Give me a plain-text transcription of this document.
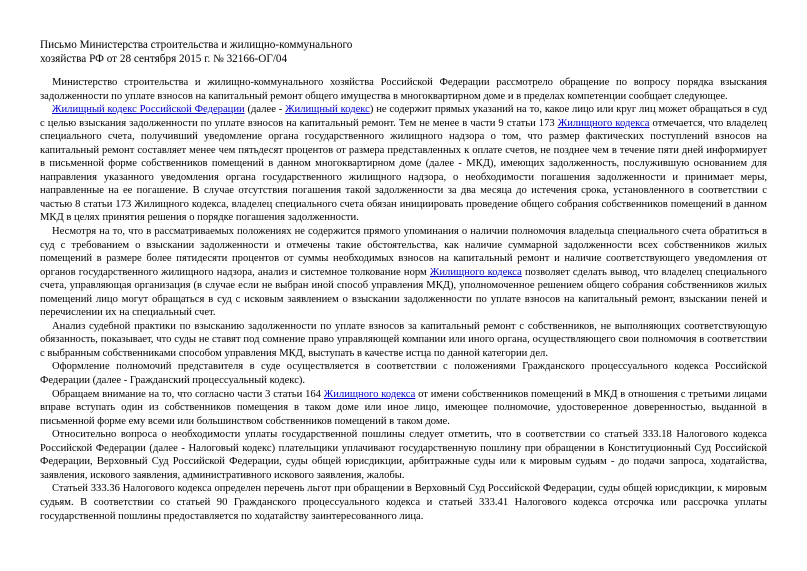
Письмо Министерства строительства и жилищно-коммунального
хозяйства РФ от 28 сентября 2015 г. № 32166-ОГ/04

Министерство строительства и жилищно-коммунального хозяйства Российской Федерации рассмотрело обращение по вопросу порядка взыскания задолженности по уплате взносов на капитальный ремонт общего имущества в многоквартирном доме и в пределах компетенции сообщает следующее.

Жилищный кодекс Российской Федерации (далее - Жилищный кодекс) не содержит прямых указаний на то, какое лицо или круг лиц может обращаться в суд с целью взыскания задолженности по уплате взносов на капитальный ремонт. Тем не менее в части 9 статьи 173 Жилищного кодекса отмечается, что владелец специального счета, получивший уведомление органа государственного жилищного надзора о том, что размер фактических поступлений взносов на капитальный ремонт составляет менее чем пятьдесят процентов от размера представленных к оплате счетов, не позднее чем в течение пяти дней информирует в письменной форме собственников помещений в данном многоквартирном доме (далее - МКД), имеющих задолженность, послужившую основанием для направления указанного уведомления органа государственного жилищного надзора, о необходимости погашения задолженности и принимает меры, направленные на ее погашение. В случае отсутствия погашения такой задолженности за два месяца до истечения срока, установленного в соответствии с частью 8 статьи 173 Жилищного кодекса, владелец специального счета обязан инициировать проведение общего собрания собственников помещений в данном МКД в целях принятия решения о порядке погашения задолженности.

Несмотря на то, что в рассматриваемых положениях не содержится прямого упоминания о наличии полномочия владельца специального счета обратиться в суд с требованием о взыскании задолженности и отмечены такие обстоятельства, как наличие суммарной задолженности всех собственников жилых помещений в размере более пятидесяти процентов от суммы необходимых взносов на капитальный ремонт и наличие соответствующего уведомления от органов государственного жилищного надзора, анализ и системное толкование норм Жилищного кодекса позволяет сделать вывод, что владелец специального счета, управляющая организация (в случае если не выбран иной способ управления МКД), уполномоченное решением общего собрания собственников жилых помещений лицо могут обращаться в суд с исковым заявлением о взыскании задолженности по уплате взносов на капитальный ремонт, взыскании пеней и перечислении их на специальный счет.

Анализ судебной практики по взысканию задолженности по уплате взносов за капитальный ремонт с собственников, не выполняющих соответствующую обязанность, показывает, что суды не ставят под сомнение право управляющей компании или иного органа, осуществляющего свои полномочия в соответствии с выбранным собственниками способом управления МКД, выступать в качестве истца по данной категории дел.

Оформление полномочий представителя в суде осуществляется в соответствии с положениями Гражданского процессуального кодекса Российской Федерации (далее - Гражданский процессуальный кодекс).

Обращаем внимание на то, что согласно части 3 статьи 164 Жилищного кодекса от имени собственников помещений в МКД в отношения с третьими лицами вправе вступать один из собственников помещения в таком доме или иное лицо, имеющее полномочие, удостоверенное доверенностью, выданной в письменной форме ему всеми или большинством собственников помещений в таком доме.

Относительно вопроса о необходимости уплаты государственной пошлины следует отметить, что в соответствии со статьей 333.18 Налогового кодекса Российской Федерации (далее - Налоговый кодекс) плательщики уплачивают государственную пошлину при обращении в Конституционный Суд Российской Федерации, Верховный Суд Российской Федерации, суды общей юрисдикции, арбитражные суды или к мировым судьям - до подачи запроса, ходатайства, заявления, искового заявления, административного искового заявления, жалобы.

Статьей 333.36 Налогового кодекса определен перечень льгот при обращении в Верховный Суд Российской Федерации, суды общей юрисдикции, к мировым судьям. В соответствии со статьей 90 Гражданского процессуального кодекса и статьей 333.41 Налогового кодекса отсрочка или рассрочка уплаты государственной пошлины предоставляется по ходатайству заинтересованного лица.
